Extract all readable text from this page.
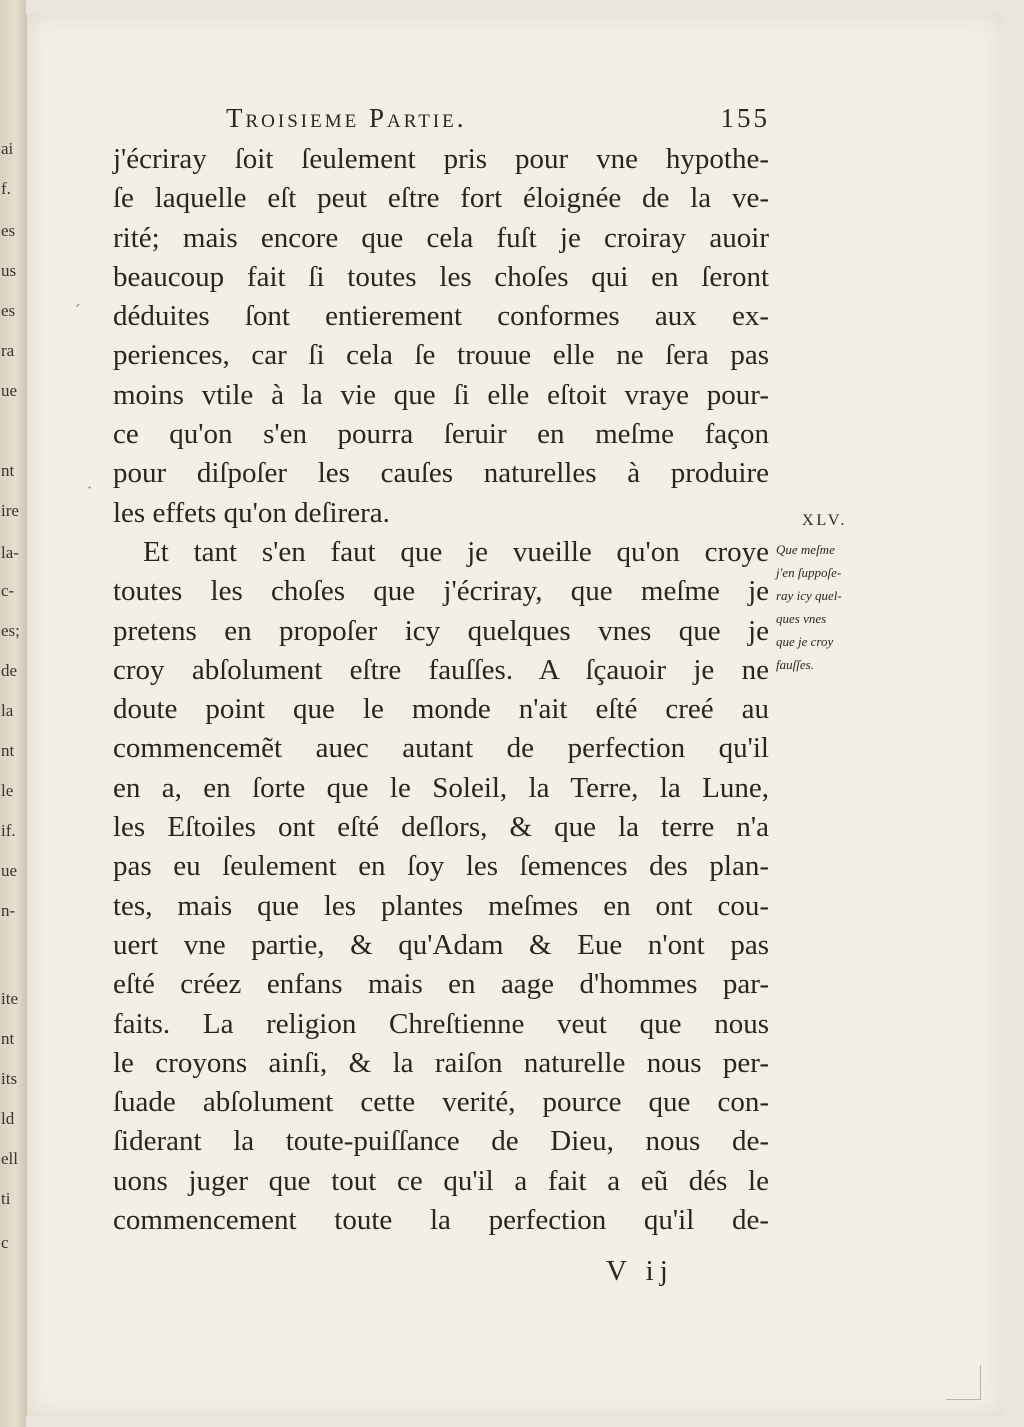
ai
f.
es
us
es
ra
ue
nt
ire
la-
c-
es;
de
la
nt
le
if.
ue
n-
ite
nt
its
ld
ell
ti
c
ˊ
·
Troisieme Partie.	155
j'écriray ſoit ſeulement pris pour vne hypothe-
ſe laquelle eſt peut eſtre fort éloignée de la ve-
rité; mais encore que cela fuſt je croiray auoir
beaucoup fait ſi toutes les choſes qui en ſeront
déduites ſont entierement conformes aux ex-
periences, car ſi cela ſe trouue elle ne ſera pas
moins vtile à la vie que ſi elle eſtoit vraye pour-
ce qu'on s'en pourra ſeruir en meſme façon
pour diſpoſer les cauſes naturelles à produire
les effets qu'on deſirera.
Et tant s'en faut que je vueille qu'on croye
toutes les choſes que j'écriray, que meſme je
pretens en propoſer icy quelques vnes que je
croy abſolument eſtre fauſſes. A ſçauoir je ne
doute point que le monde n'ait eſté creé au
commencemẽt auec autant de perfection qu'il
en a, en ſorte que le Soleil, la Terre, la Lune,
les Eſtoiles ont eſté deſlors, & que la terre n'a
pas eu ſeulement en ſoy les ſemences des plan-
tes, mais que les plantes meſmes en ont cou-
uert vne partie, & qu'Adam & Eue n'ont pas
eſté créez enfans mais en aage d'hommes par-
faits. La religion Chreſtienne veut que nous
le croyons ainſi, & la raiſon naturelle nous per-
ſuade abſolument cette verité, pource que con-
ſiderant la toute-puiſſance de Dieu, nous de-
uons juger que tout ce qu'il a fait a eũ dés le
commencement toute la perfection qu'il de-
XLV.
Que meſme
j'en ſuppoſe-
ray icy quel-
ques vnes
que je croy
fauſſes.
V ij
